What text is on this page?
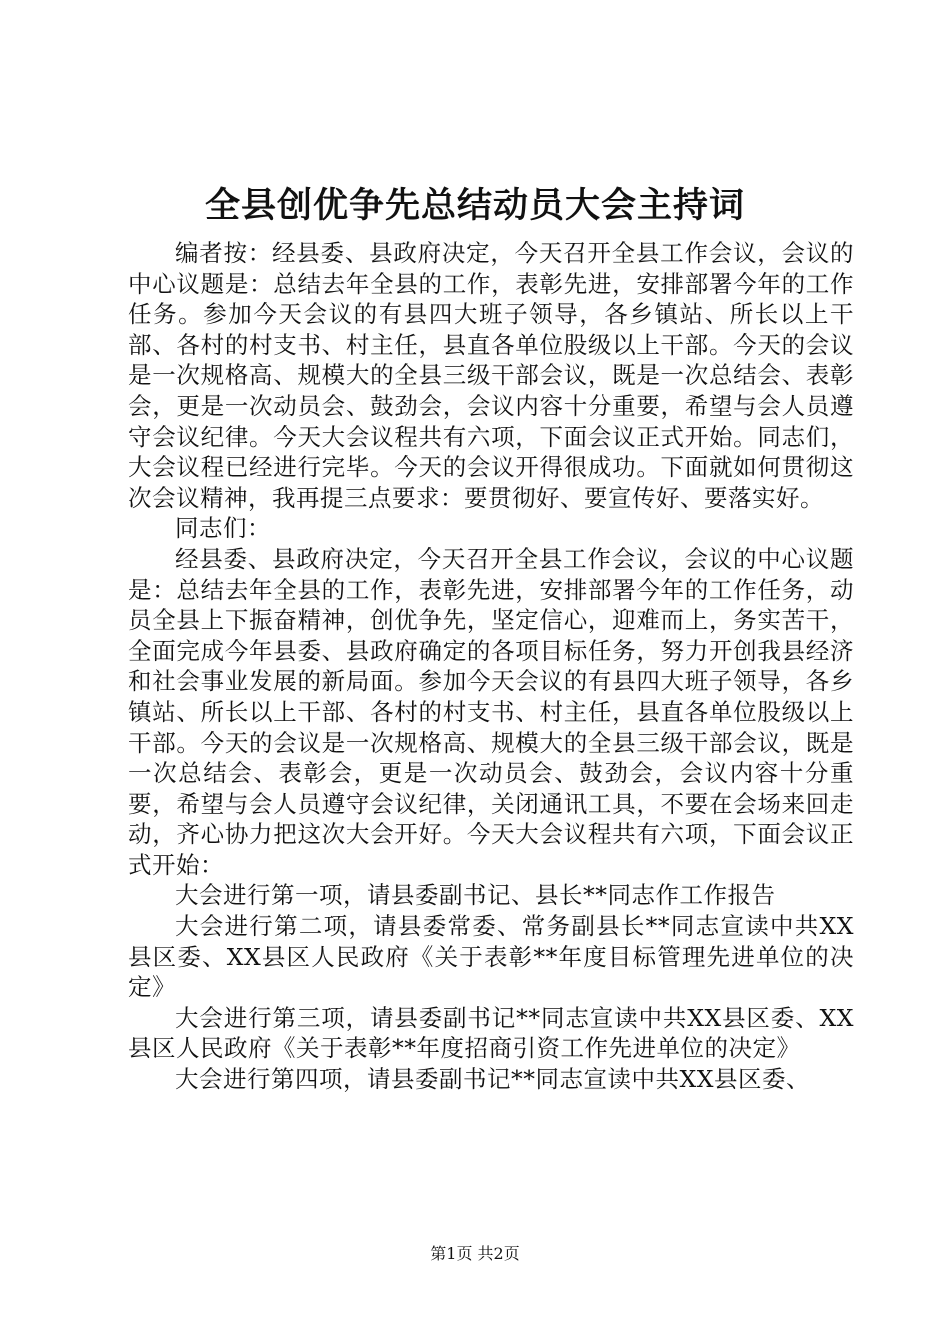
全县创优争先总结动员大会主持词

编者按：经县委、县政府决定，今天召开全县工作会议，会议的中心议题是：总结去年全县的工作，表彰先进，安排部署今年的工作任务。参加今天会议的有县四大班子领导，各乡镇站、所长以上干部、各村的村支书、村主任，县直各单位股级以上干部。今天的会议是一次规格高、规模大的全县三级干部会议，既是一次总结会、表彰会，更是一次动员会、鼓劲会，会议内容十分重要，希望与会人员遵守会议纪律。今天大会议程共有六项，下面会议正式开始。同志们，大会议程已经进行完毕。今天的会议开得很成功。下面就如何贯彻这次会议精神，我再提三点要求：要贯彻好、要宣传好、要落实好。

同志们：

经县委、县政府决定，今天召开全县工作会议，会议的中心议题是：总结去年全县的工作，表彰先进，安排部署今年的工作任务，动员全县上下振奋精神，创优争先，坚定信心，迎难而上，务实苦干，全面完成今年县委、县政府确定的各项目标任务，努力开创我县经济和社会事业发展的新局面。参加今天会议的有县四大班子领导，各乡镇站、所长以上干部、各村的村支书、村主任，县直各单位股级以上干部。今天的会议是一次规格高、规模大的全县三级干部会议，既是一次总结会、表彰会，更是一次动员会、鼓劲会，会议内容十分重要，希望与会人员遵守会议纪律，关闭通讯工具，不要在会场来回走动，齐心协力把这次大会开好。今天大会议程共有六项，下面会议正式开始：

大会进行第一项，请县委副书记、县长**同志作工作报告

大会进行第二项，请县委常委、常务副县长**同志宣读中共XX县区委、XX县区人民政府《关于表彰**年度目标管理先进单位的决定》

大会进行第三项，请县委副书记**同志宣读中共XX县区委、XX县区人民政府《关于表彰**年度招商引资工作先进单位的决定》

大会进行第四项，请县委副书记**同志宣读中共XX县区委、

第1页 共2页
